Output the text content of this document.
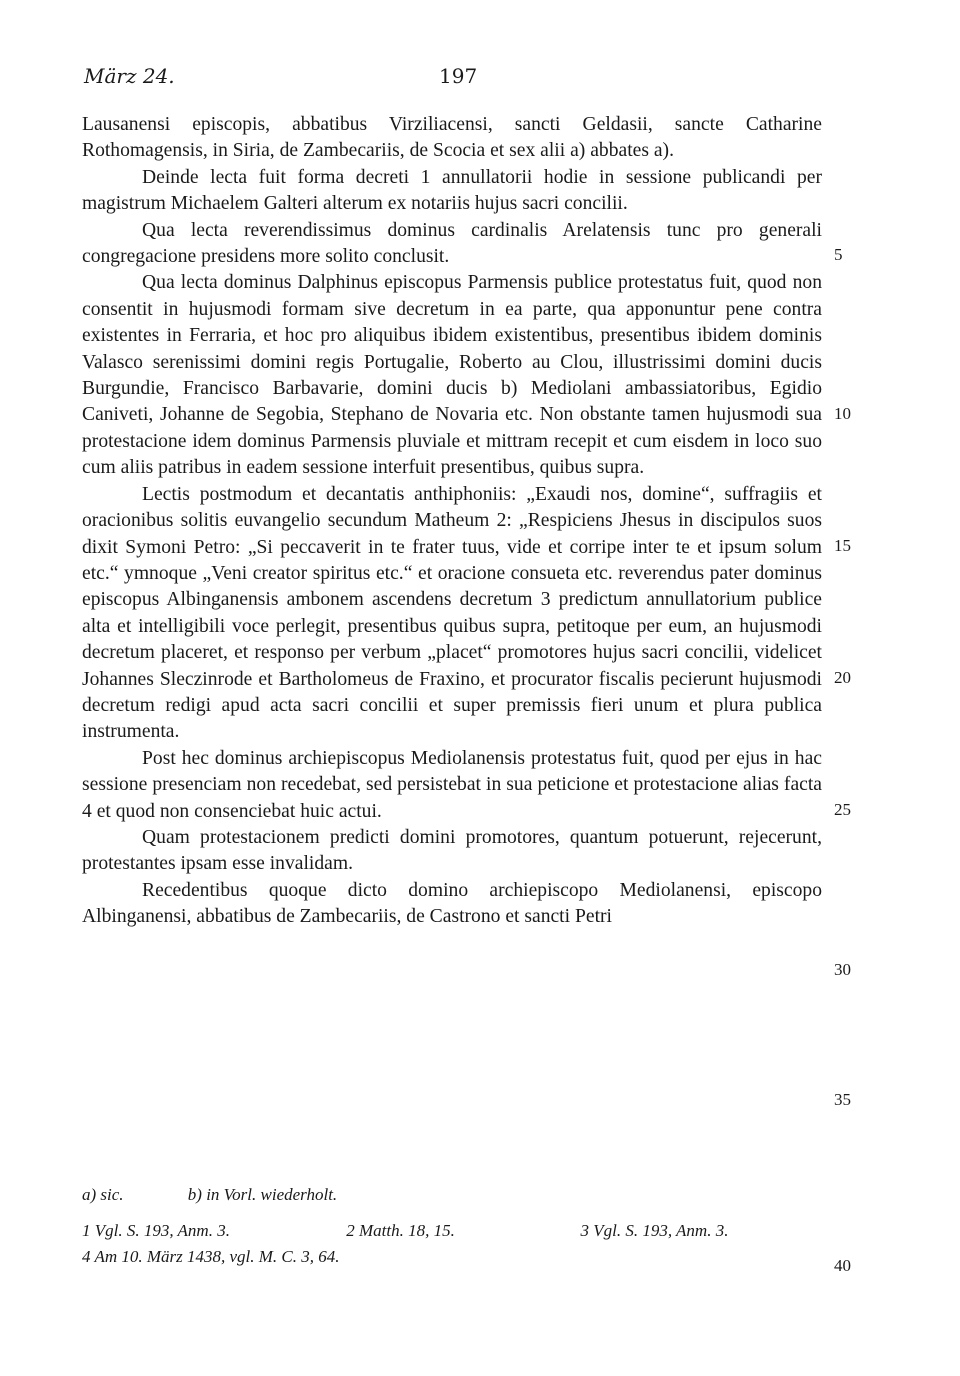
März 24.	197

Lausanensi episcopis, abbatibus Virziliacensi, sancti Geldasii, sancte Catharine Rothomagensis, in Siria, de Zambecariis, de Scocia et sex alii a) abbates a).

Deinde lecta fuit forma decreti 1 annullatorii hodie in sessione publicandi per magistrum Michaelem Galteri alterum ex notariis hujus sacri concilii.

Qua lecta reverendissimus dominus cardinalis Arelatensis tunc pro generali congregacione presidens more solito conclusit.

Qua lecta dominus Dalphinus episcopus Parmensis publice protestatus fuit, quod non consentit in hujusmodi formam sive decretum in ea parte, qua apponuntur pene contra existentes in Ferraria, et hoc pro aliquibus ibidem existentibus, presentibus ibidem dominis Valasco serenissimi domini regis Portugalie, Roberto au Clou, illustrissimi domini ducis Burgundie, Francisco Barbavarie, domini ducis b) Mediolani ambassiatoribus, Egidio Caniveti, Johanne de Segobia, Stephano de Novaria etc. Non obstante tamen hujusmodi sua protestacione idem dominus Parmensis pluviale et mittram recepit et cum eisdem in loco suo cum aliis patribus in eadem sessione interfuit presentibus, quibus supra.

Lectis postmodum et decantatis anthiphoniis: „Exaudi nos, domine“, suffragiis et oracionibus solitis euvangelio secundum Matheum 2: „Respiciens Jhesus in discipulos suos dixit Symoni Petro: „Si peccaverit in te frater tuus, vide et corripe inter te et ipsum solum etc.“ ymnoque „Veni creator spiritus etc.“ et oracione consueta etc. reverendus pater dominus episcopus Albinganensis ambonem ascendens decretum 3 predictum annullatorium publice alta et intelligibili voce perlegit, presentibus quibus supra, petitoque per eum, an hujusmodi decretum placeret, et responso per verbum „placet“ promotores hujus sacri concilii, videlicet Johannes Sleczinrode et Bartholomeus de Fraxino, et procurator fiscalis pecierunt hujusmodi decretum redigi apud acta sacri concilii et super premissis fieri unum et plura publica instrumenta.

Post hec dominus archiepiscopus Mediolanensis protestatus fuit, quod per ejus in hac sessione presenciam non recedebat, sed persistebat in sua peticione et protestacione alias facta 4 et quod non consenciebat huic actui.

Quam protestacionem predicti domini promotores, quantum potuerunt, rejecerunt, protestantes ipsam esse invalidam.

Recedentibus quoque dicto domino archiepiscopo Mediolanensi, episcopo Albinganensi, abbatibus de Zambecariis, de Castrono et sancti Petri

5
10
15
20
25
30
35
40
a) sic.	b) in Vorl. wiederholt.
1 Vgl. S. 193, Anm. 3.	2 Matth. 18, 15.	3 Vgl. S. 193, Anm. 3.
4 Am 10. März 1438, vgl. M. C. 3, 64.
